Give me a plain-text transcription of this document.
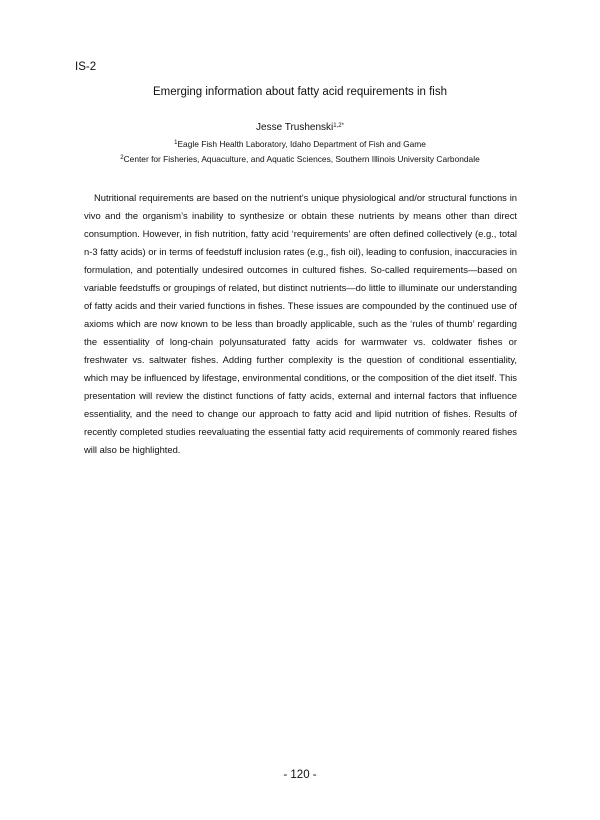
IS-2
Emerging information about fatty acid requirements in fish
Jesse Trushenski$^{1,2*}$
$^1$Eagle Fish Health Laboratory, Idaho Department of Fish and Game
$^2$Center for Fisheries, Aquaculture, and Aquatic Sciences, Southern Illinois University Carbondale

Nutritional requirements are based on the nutrient’s unique physiological and/or structural functions in vivo and the organism’s inability to synthesize or obtain these nutrients by means other than direct consumption. However, in fish nutrition, fatty acid ‘requirements’ are often defined collectively (e.g., total n-3 fatty acids) or in terms of feedstuff inclusion rates (e.g., fish oil), leading to confusion, inaccuracies in formulation, and potentially undesired outcomes in cultured fishes. So-called requirements—based on variable feedstuffs or groupings of related, but distinct nutrients—do little to illuminate our understanding of fatty acids and their varied functions in fishes. These issues are compounded by the continued use of axioms which are now known to be less than broadly applicable, such as the ‘rules of thumb’ regarding the essentiality of long-chain polyunsaturated fatty acids for warmwater vs. coldwater fishes or freshwater vs. saltwater fishes. Adding further complexity is the question of conditional essentiality, which may be influenced by lifestage, environmental conditions, or the composition of the diet itself. This presentation will review the distinct functions of fatty acids, external and internal factors that influence essentiality, and the need to change our approach to fatty acid and lipid nutrition of fishes. Results of recently completed studies reevaluating the essential fatty acid requirements of commonly reared fishes will also be highlighted.

- 120 -
